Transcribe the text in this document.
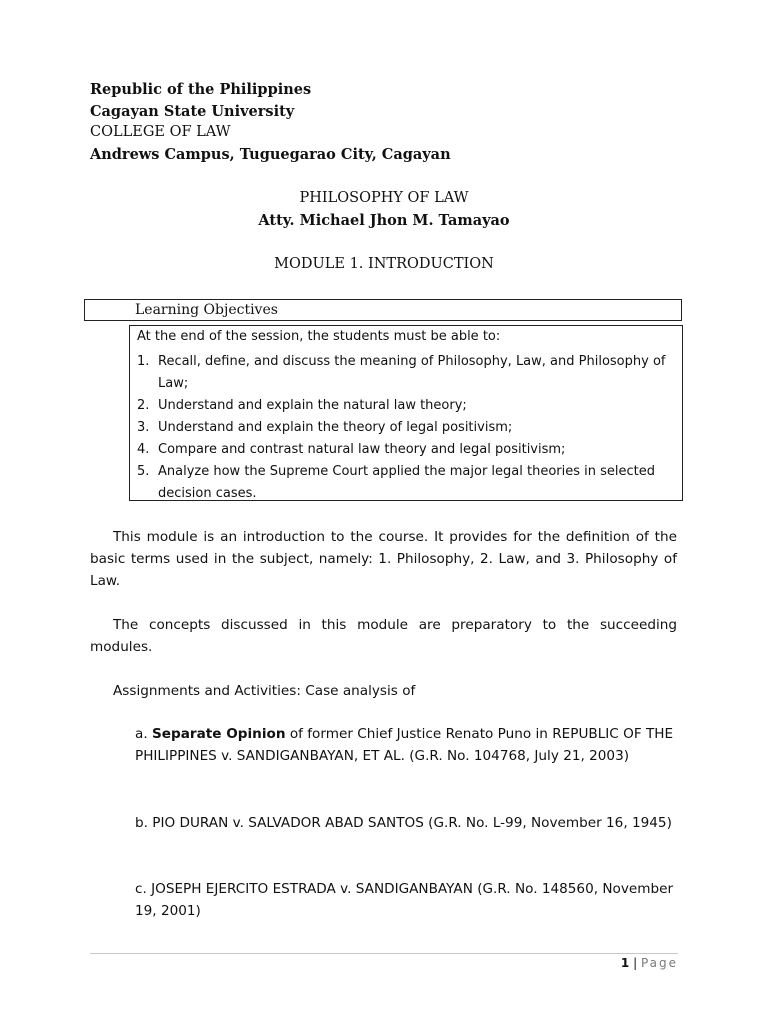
Republic of the Philippines
Cagayan State University
COLLEGE OF LAW
Andrews Campus, Tuguegarao City, Cagayan
PHILOSOPHY OF LAW
Atty. Michael Jhon M. Tamayao
MODULE 1. INTRODUCTION
Learning Objectives
At the end of the session, the students must be able to:
1. Recall, define, and discuss the meaning of Philosophy, Law, and Philosophy of Law;
2. Understand and explain the natural law theory;
3. Understand and explain the theory of legal positivism;
4. Compare and contrast natural law theory and legal positivism;
5. Analyze how the Supreme Court applied the major legal theories in selected decision cases.
This module is an introduction to the course. It provides for the definition of the basic terms used in the subject, namely: 1. Philosophy, 2. Law, and 3. Philosophy of Law.
The concepts discussed in this module are preparatory to the succeeding modules.
Assignments and Activities: Case analysis of
a. Separate Opinion of former Chief Justice Renato Puno in REPUBLIC OF THE PHILIPPINES v. SANDIGANBAYAN, ET AL. (G.R. No. 104768, July 21, 2003)
b. PIO DURAN v. SALVADOR ABAD SANTOS (G.R. No. L-99, November 16, 1945)
c. JOSEPH EJERCITO ESTRADA v. SANDIGANBAYAN (G.R. No. 148560, November 19, 2001)
1 | Page
